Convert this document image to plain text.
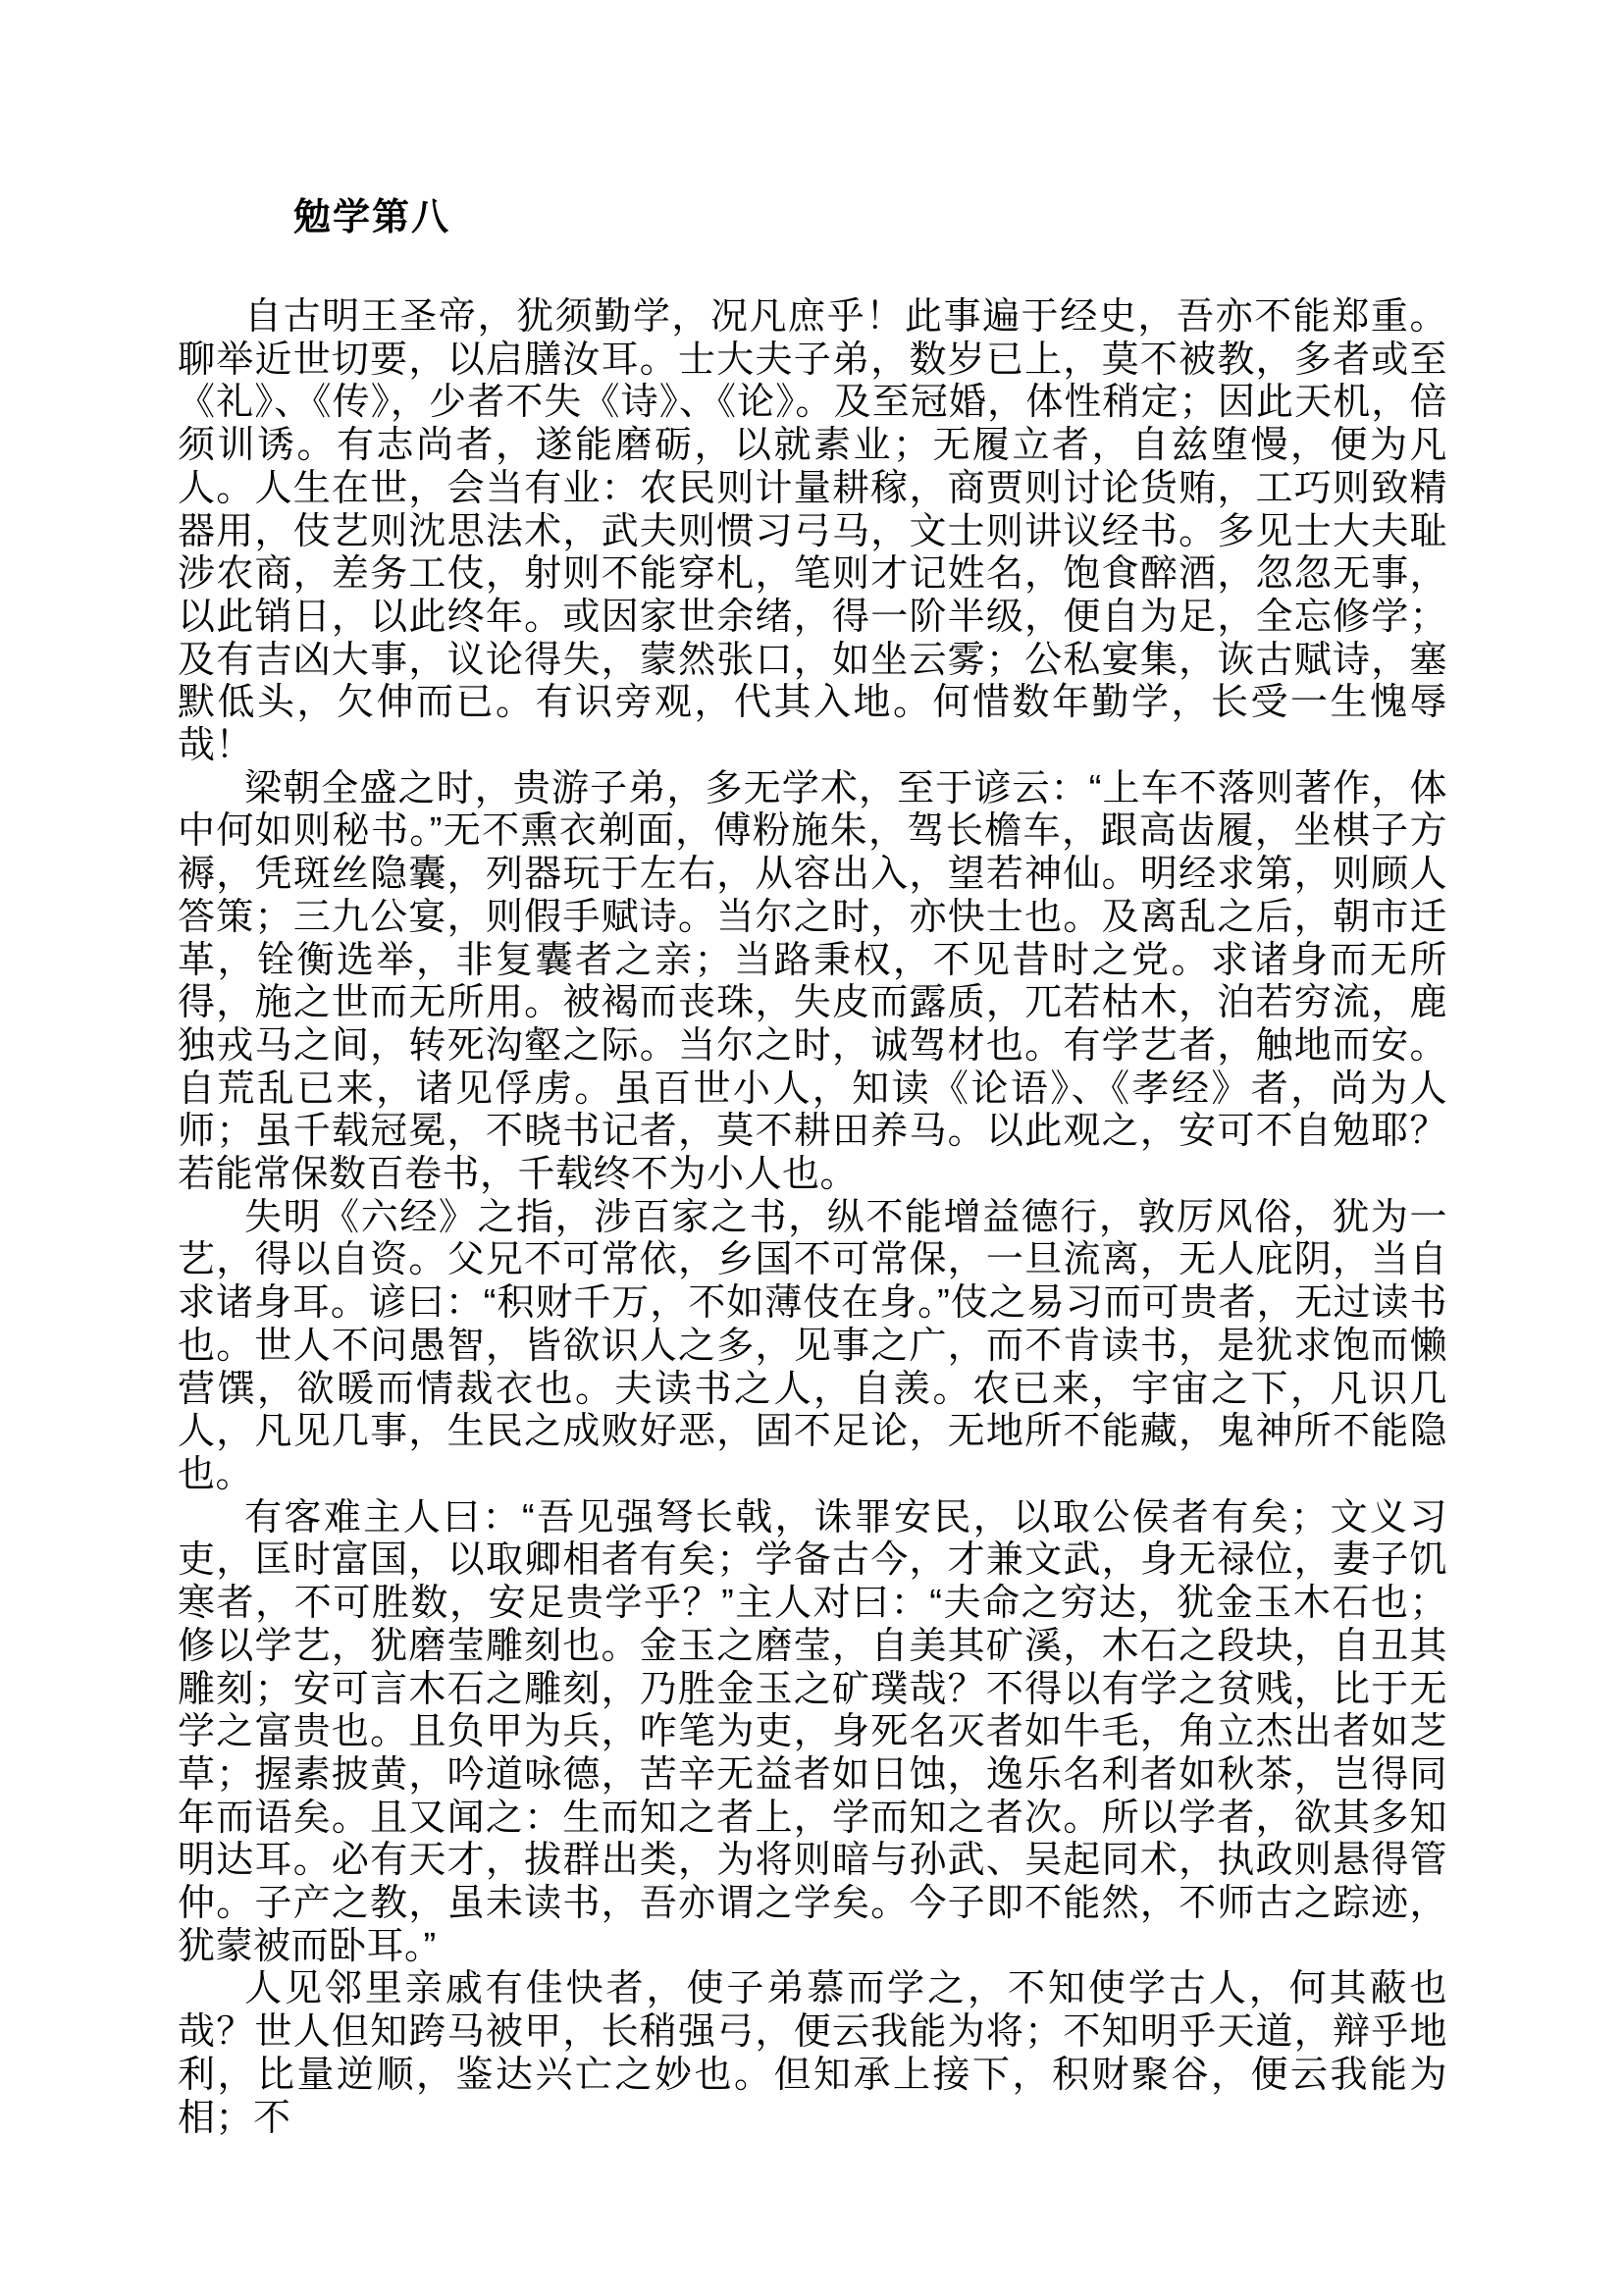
勉学第八

自古明王圣帝，犹须勤学，况凡庶乎！此事遍于经史，吾亦不能郑重。聊举近世切要，以启膳汝耳。士大夫子弟，数岁已上，莫不被教，多者或至《礼》、《传》，少者不失《诗》、《论》。及至冠婚，体性稍定；因此天机，倍须训诱。有志尚者，遂能磨砺，以就素业；无履立者，自兹堕慢，便为凡人。人生在世，会当有业：农民则计量耕稼，商贾则讨论货贿，工巧则致精器用，伎艺则沈思法术，武夫则惯习弓马，文士则讲议经书。多见士大夫耻涉农商，差务工伎，射则不能穿札，笔则才记姓名，饱食醉酒，忽忽无事，以此销日，以此终年。或因家世余绪，得一阶半级，便自为足，全忘修学；及有吉凶大事，议论得失，蒙然张口，如坐云雾；公私宴集，诙古赋诗，塞默低头，欠伸而已。有识旁观，代其入地。何惜数年勤学，长受一生愧辱哉！

梁朝全盛之时，贵游子弟，多无学术，至于谚云：“上车不落则著作，体中何如则秘书。”无不熏衣剃面，傅粉施朱，驾长檐车，跟高齿履，坐棋子方褥，凭斑丝隐囊，列器玩于左右，从容出入，望若神仙。明经求第，则顾人答策；三九公宴，则假手赋诗。当尔之时，亦快士也。及离乱之后，朝市迁革，铨衡选举，非复囊者之亲；当路秉权，不见昔时之党。求诸身而无所得，施之世而无所用。被褐而丧珠，失皮而露质，兀若枯木，泊若穷流，鹿独戎马之间，转死沟壑之际。当尔之时，诚驾材也。有学艺者，触地而安。自荒乱已来，诸见俘虏。虽百世小人，知读《论语》、《孝经》者，尚为人师；虽千载冠冕，不晓书记者，莫不耕田养马。以此观之，安可不自勉耶？若能常保数百卷书，千载终不为小人也。

失明《六经》之指，涉百家之书，纵不能增益德行，敦厉风俗，犹为一艺，得以自资。父兄不可常依，乡国不可常保，一旦流离，无人庇阴，当自求诸身耳。谚曰：“积财千万，不如薄伎在身。”伎之易习而可贵者，无过读书也。世人不问愚智，皆欲识人之多，见事之广，而不肯读书，是犹求饱而懒营馔，欲暖而情裁衣也。夫读书之人，自羡。农已来，宇宙之下，凡识几人，凡见几事，生民之成败好恶，固不足论，无地所不能藏，鬼神所不能隐也。

有客难主人曰：“吾见强弩长戟，诛罪安民，以取公侯者有矣；文义习吏，匡时富国，以取卿相者有矣；学备古今，才兼文武，身无禄位，妻子饥寒者，不可胜数，安足贵学乎？”主人对曰：“夫命之穷达，犹金玉木石也；修以学艺，犹磨莹雕刻也。金玉之磨莹，自美其矿溪，木石之段块，自丑其雕刻；安可言木石之雕刻，乃胜金玉之矿璞哉？不得以有学之贫贱，比于无学之富贵也。且负甲为兵，咋笔为吏，身死名灭者如牛毛，角立杰出者如芝草；握素披黄，吟道咏德，苦辛无益者如日蚀，逸乐名利者如秋茶，岂得同年而语矣。且又闻之：生而知之者上，学而知之者次。所以学者，欲其多知明达耳。必有天才，拔群出类，为将则暗与孙武、吴起同术，执政则悬得管仲。子产之教，虽未读书，吾亦谓之学矣。今子即不能然，不师古之踪迹，犹蒙被而卧耳。”

人见邻里亲戚有佳快者，使子弟慕而学之，不知使学古人，何其蔽也哉？世人但知跨马被甲，长稍强弓，便云我能为将；不知明乎天道，辩乎地利，比量逆顺，鉴达兴亡之妙也。但知承上接下，积财聚谷，便云我能为相；不
